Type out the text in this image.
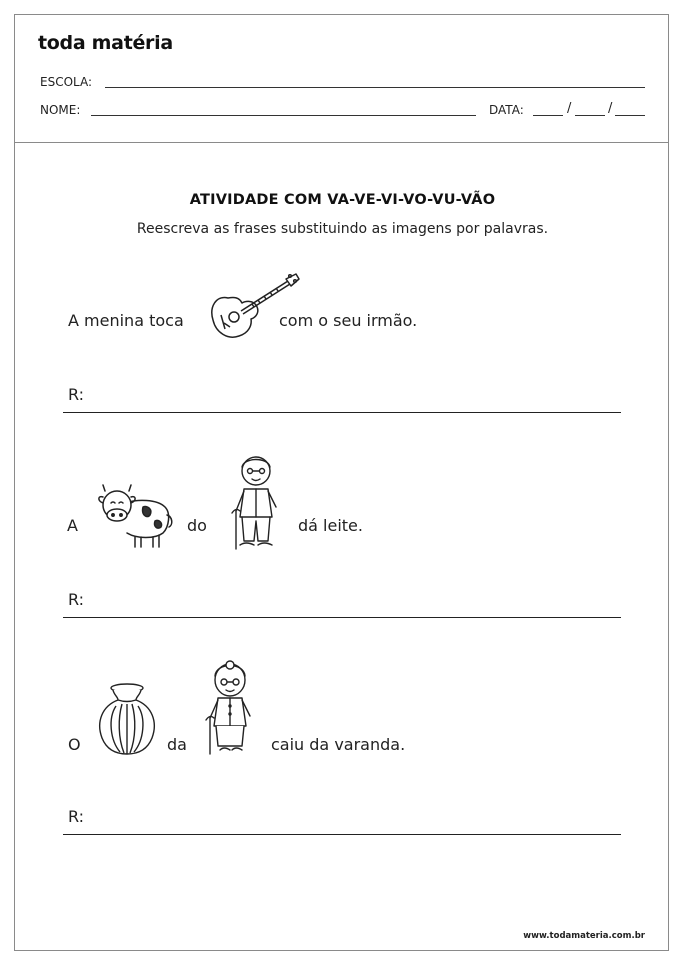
toda matéria
ESCOLA:
NOME:	DATA:	/	/
ATIVIDADE COM VA-VE-VI-VO-VU-VÃO
Reescreva as frases substituindo as imagens por palavras.
A menina toca	com o seu irmão.
R:
A	do	dá leite.
R:
O	da	caiu da varanda.
R:
www.todamateria.com.br
